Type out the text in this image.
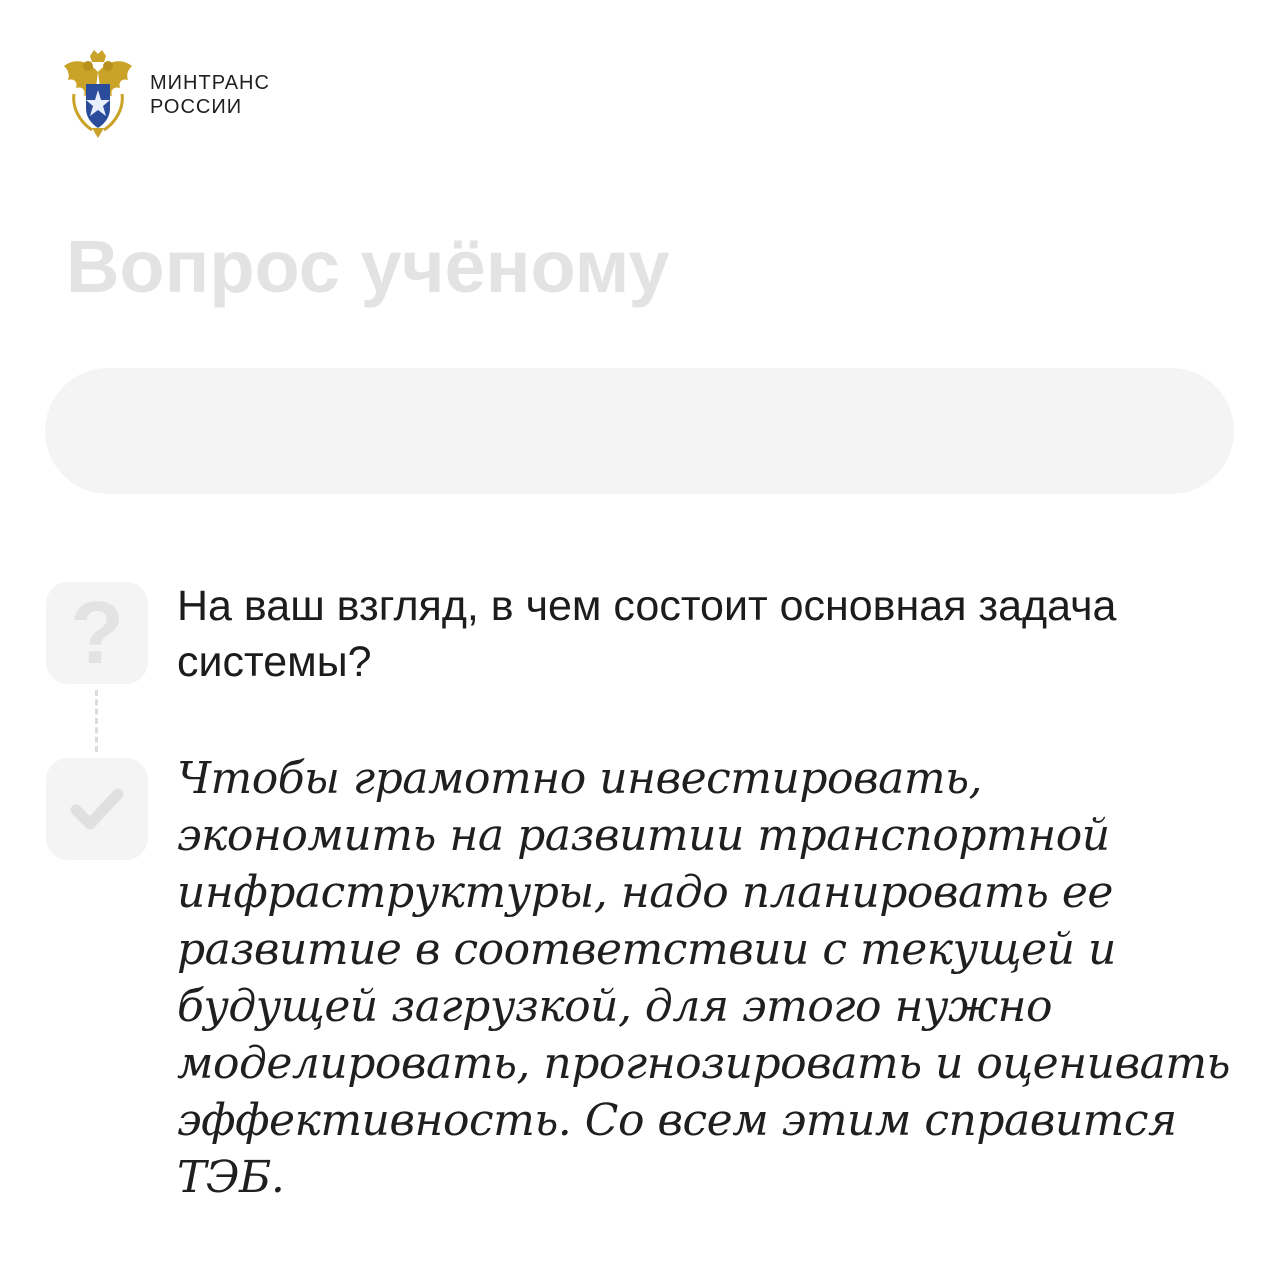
МИНТРАНС
РОССИИ
Вопрос учёному
?	На ваш взгляд, в чем состоит основная задача системы?

Чтобы грамотно инвестировать, экономить на развитии транспортной инфраструктуры, надо планировать ее развитие в соответствии с текущей и будущей загрузкой, для этого нужно моделировать, прогнозировать и оценивать эффективность. Со всем этим справится ТЭБ.
